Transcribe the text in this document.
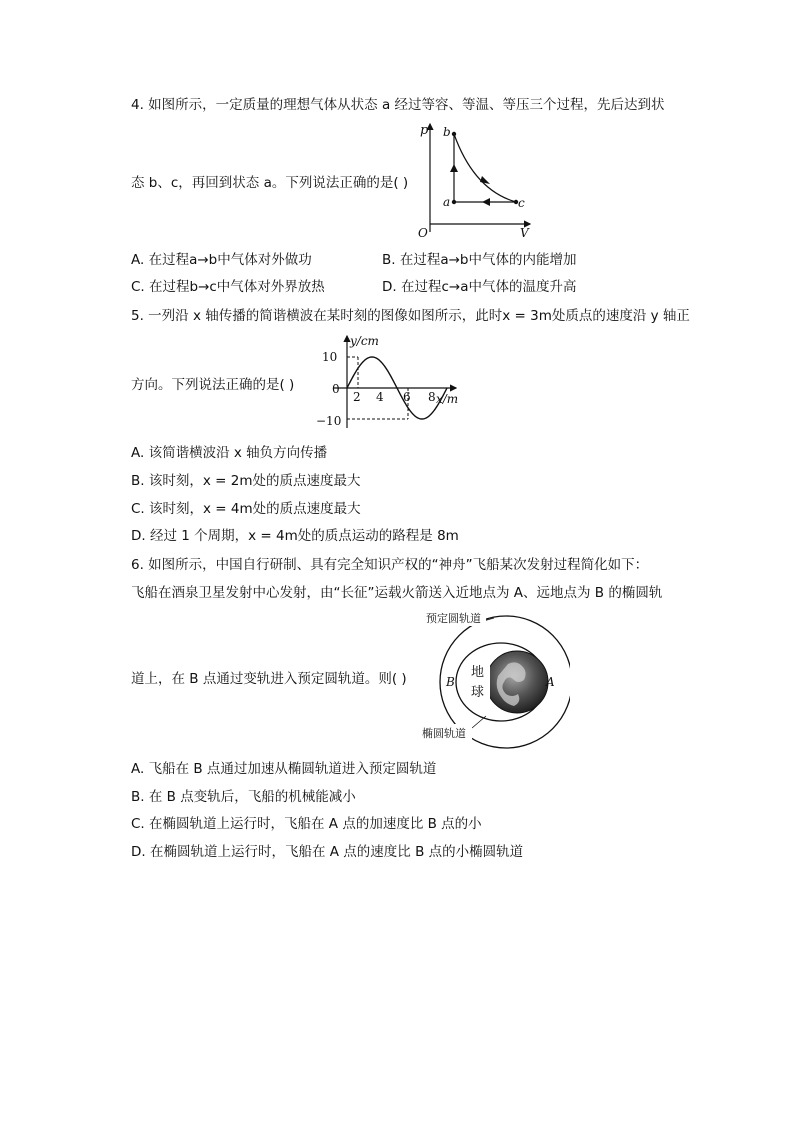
4. 如图所示，一定质量的理想气体从状态 a 经过等容、等温、等压三个过程，先后达到状
p
V
O
a
b
c
态 b、c，再回到状态 a。下列说法正确的是( )
A. 在过程a→b中气体对外做功	B. 在过程a→b中气体的内能增加
C. 在过程b→c中气体对外界放热	D. 在过程c→a中气体的温度升高
5. 一列沿 x 轴传播的简谐横波在某时刻的图像如图所示，此时x = 3m处质点的速度沿 y 轴正
y/cm
x/m
10
0
−10
2 4 6 8
方向。下列说法正确的是( )
A. 该简谐横波沿 x 轴负方向传播
B. 该时刻，x = 2m处的质点速度最大
C. 该时刻，x = 4m处的质点速度最大
D. 经过 1 个周期，x = 4m处的质点运动的路程是 8m
6. 如图所示，中国自行研制、具有完全知识产权的“神舟”飞船某次发射过程简化如下：
飞船在酒泉卫星发射中心发射，由“长征”运载火箭送入近地点为 A、远地点为 B 的椭圆轨
地
球
B	A
预定圆轨道
椭圆轨道
道上，在 B 点通过变轨进入预定圆轨道。则( )
A. 飞船在 B 点通过加速从椭圆轨道进入预定圆轨道
B. 在 B 点变轨后，飞船的机械能减小
C. 在椭圆轨道上运行时，飞船在 A 点的加速度比 B 点的小
D. 在椭圆轨道上运行时，飞船在 A 点的速度比 B 点的小椭圆轨道
